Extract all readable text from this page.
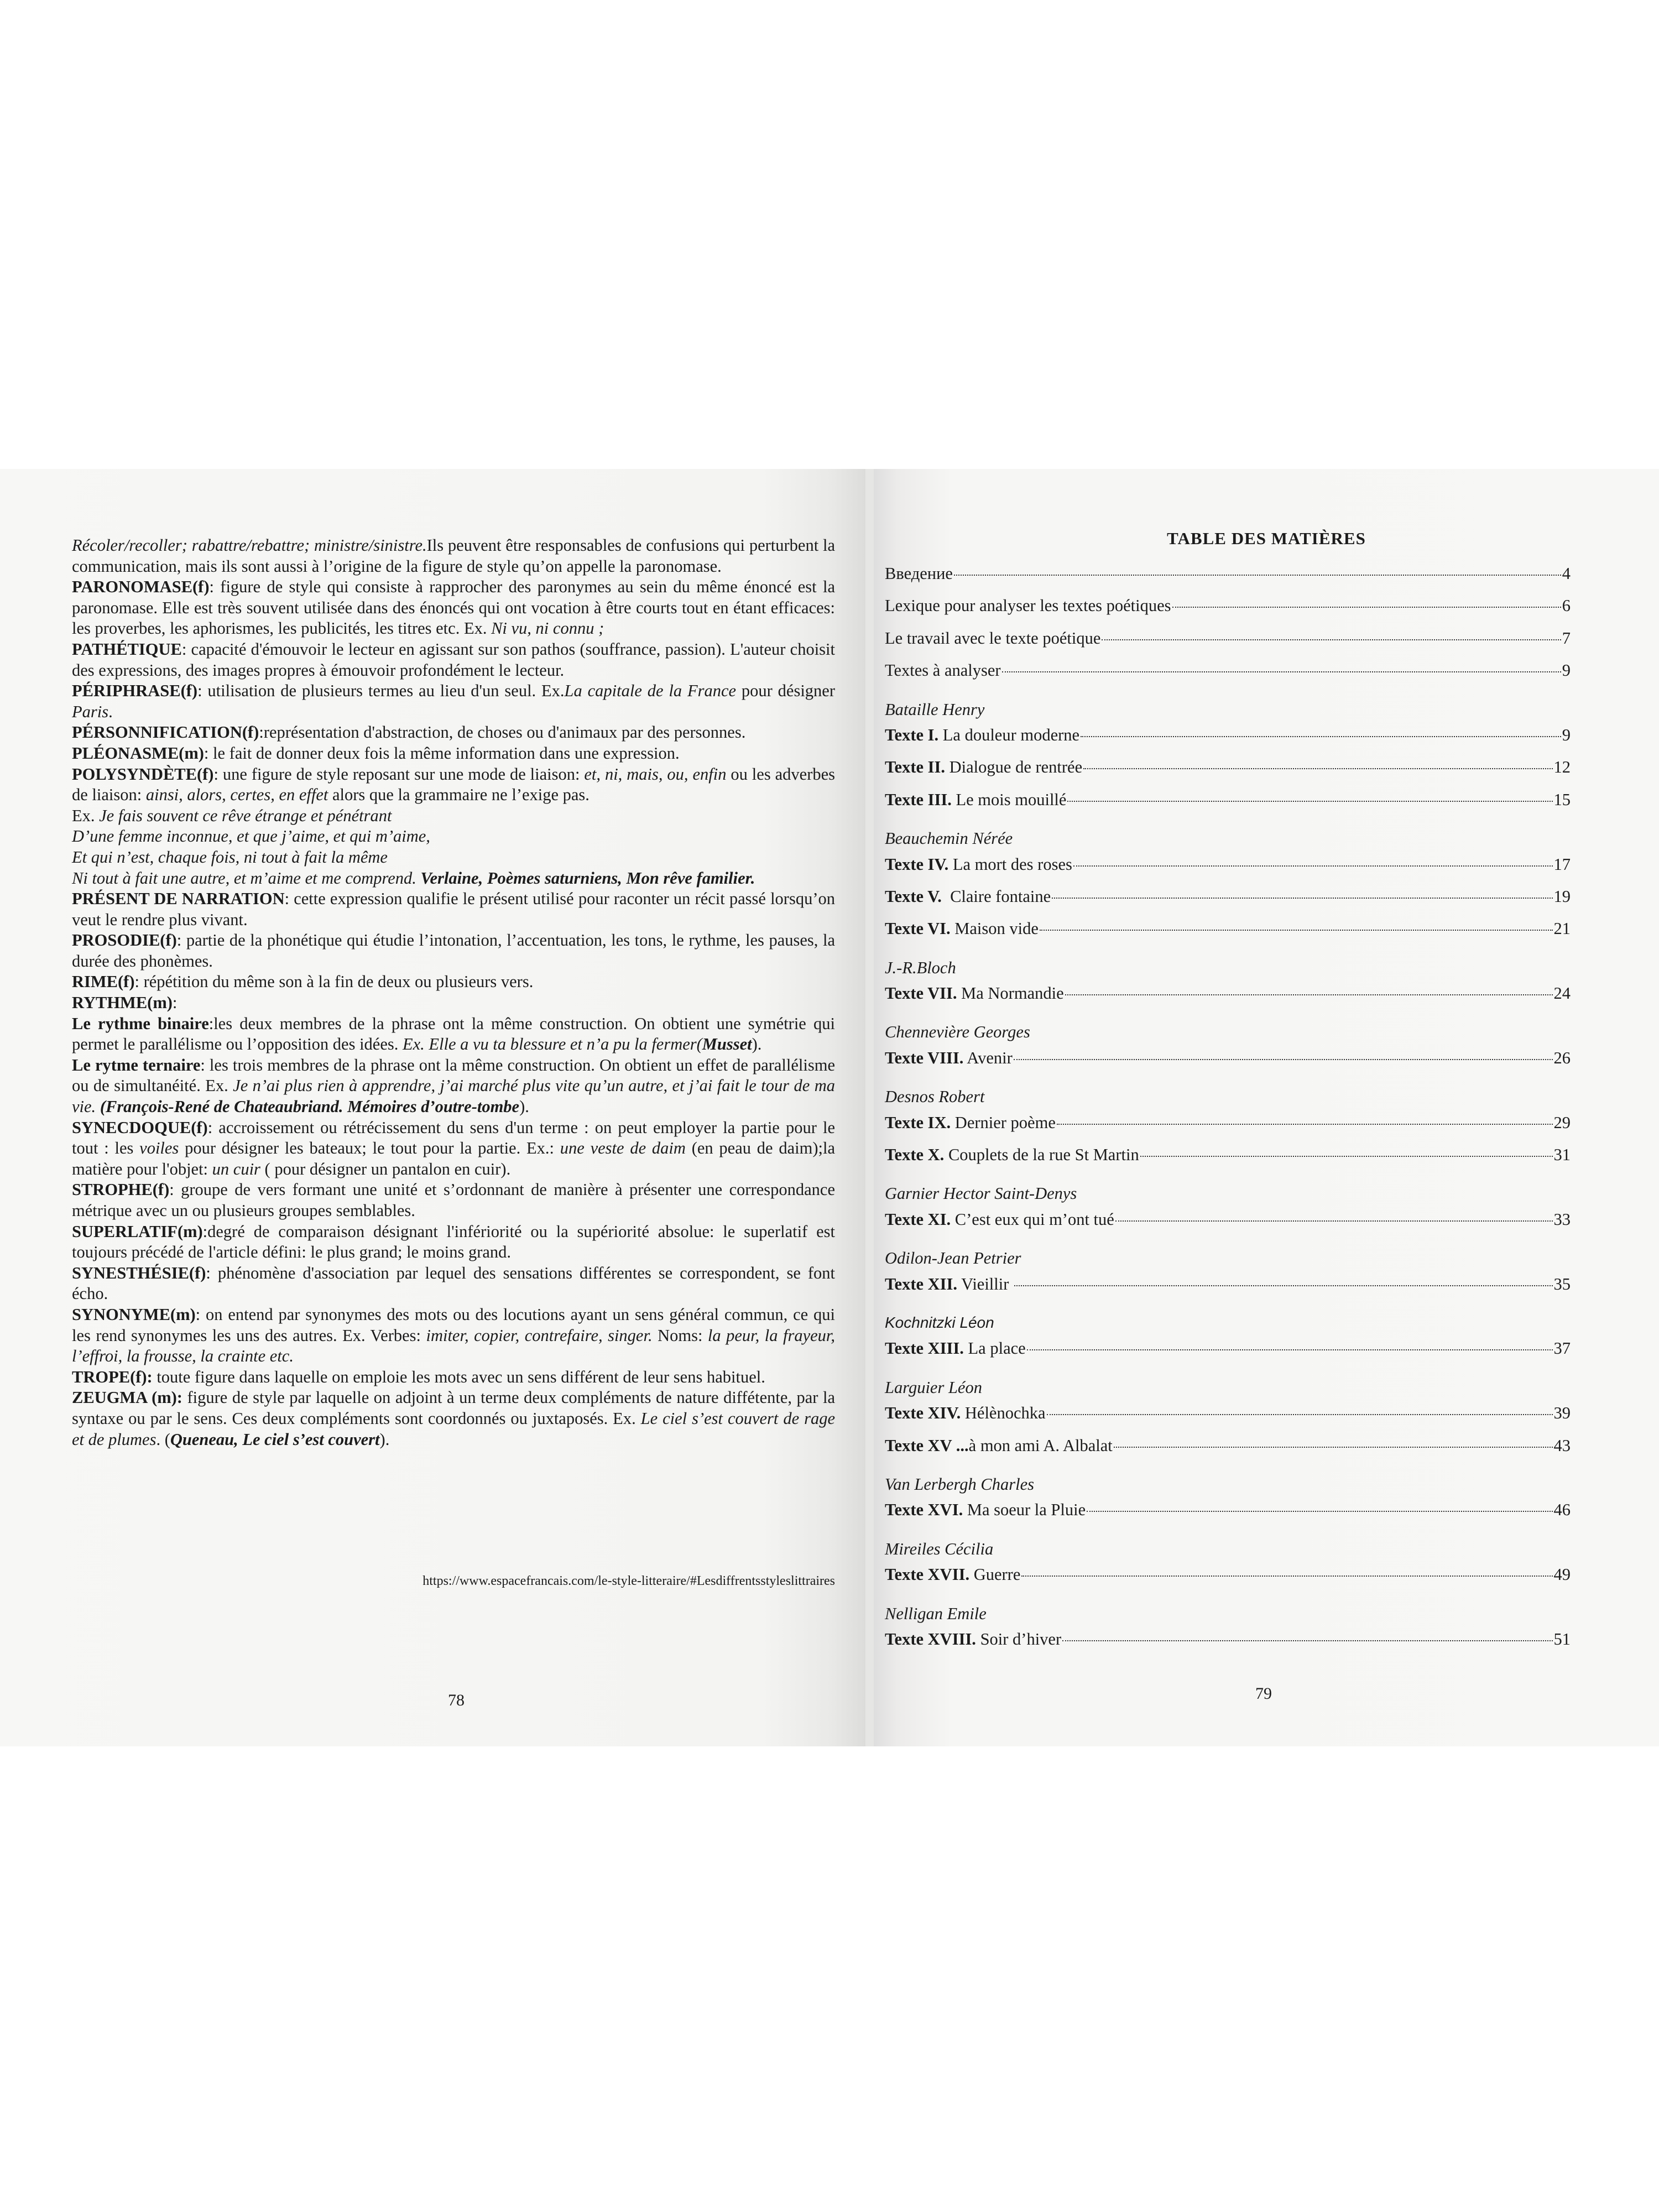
Récoler/recoller; rabattre/rebattre; ministre/sinistre.Ils peuvent être responsables de confusions qui perturbent la communication, mais ils sont aussi à l’origine de la figure de style qu’on appelle la paronomase.

PARONOMASE(f): figure de style qui consiste à rapprocher des paronymes au sein du même énoncé est la paronomase. Elle est très souvent utilisée dans des énoncés qui ont vocation à être courts tout en étant efficaces: les proverbes, les aphorismes, les publicités, les titres etc. Ex. Ni vu, ni connu ;

PATHÉTIQUE: capacité d'émouvoir le lecteur en agissant sur son pathos (souffrance, passion). L'auteur choisit des expressions, des images propres à émouvoir profondément le lecteur.

PÉRIPHRASE(f): utilisation de plusieurs termes au lieu d'un seul. Ex.La capitale de la France pour désigner Paris.

PÉRSONNIFICATION(f):représentation d'abstraction, de choses ou d'animaux par des personnes.

PLÉONASME(m): le fait de donner deux fois la même information dans une expression.

POLYSYNDÈTE(f): une figure de style reposant sur une mode de liaison: et, ni, mais, ou, enfin ou les adverbes de liaison: ainsi, alors, certes, en effet alors que la grammaire ne l’exige pas.

Ex. Je fais souvent ce rêve étrange et pénétrant

D’une femme inconnue, et que j’aime, et qui m’aime,

Et qui n’est, chaque fois, ni tout à fait la même

Ni tout à fait une autre, et m’aime et me comprend. Verlaine, Poèmes saturniens, Mon rêve familier.

PRÉSENT DE NARRATION: cette expression qualifie le présent utilisé pour raconter un récit passé lorsqu’on veut le rendre plus vivant.

PROSODIE(f): partie de la phonétique qui étudie l’intonation, l’accentuation, les tons, le rythme, les pauses, la durée des phonèmes.

RIME(f): répétition du même son à la fin de deux ou plusieurs vers.

RYTHME(m):

Le rythme binaire:les deux membres de la phrase ont la même construction. On obtient une symétrie qui permet le parallélisme ou l’opposition des idées. Ex. Elle a vu ta blessure et n’a pu la fermer(Musset).

Le rytme ternaire: les trois membres de la phrase ont la même construction. On obtient un effet de parallélisme ou de simultanéité. Ex. Je n’ai plus rien à apprendre, j’ai marché plus vite qu’un autre, et j’ai fait le tour de ma vie. (François-René de Chateaubriand. Mémoires d’outre-tombe).

SYNECDOQUE(f): accroissement ou rétrécissement du sens d'un terme : on peut employer la partie pour le tout : les voiles pour désigner les bateaux; le tout pour la partie. Ex.: une veste de daim (en peau de daim);la matière pour l'objet: un cuir ( pour désigner un pantalon en cuir).

STROPHE(f): groupe de vers formant une unité et s’ordonnant de manière à présenter une correspondance métrique avec un ou plusieurs groupes semblables.

SUPERLATIF(m):degré de comparaison désignant l'infériorité ou la supériorité absolue: le superlatif est toujours précédé de l'article défini: le plus grand; le moins grand.

SYNESTHÉSIE(f): phénomène d'association par lequel des sensations différentes se correspondent, se font écho.

SYNONYME(m): on entend par synonymes des mots ou des locutions ayant un sens général commun, ce qui les rend synonymes les uns des autres. Ex. Verbes: imiter, copier, contrefaire, singer. Noms: la peur, la frayeur, l’effroi, la frousse, la crainte etc.

TROPE(f): toute figure dans laquelle on emploie les mots avec un sens différent de leur sens habituel.

ZEUGMA (m): figure de style par laquelle on adjoint à un terme deux compléments de nature diffétente, par la syntaxe ou par le sens. Ces deux compléments sont coordonnés ou juxtaposés. Ex. Le ciel s’est couvert de rage et de plumes. (Queneau, Le ciel s’est couvert).

https://www.espacefrancais.com/le-style-litteraire/#Lesdiffrentsstyleslittraires
78
TABLE DES MATIÈRES
Введение	4
Lexique pour analyser les textes poétiques	6
Le travail avec le texte poétique	7
Textes à analyser	9
Bataille Henry
Texte I. La douleur moderne	9
Texte II. Dialogue de rentrée	12
Texte III. Le mois mouillé	15
Beauchemin Nérée
Texte IV. La mort des roses	17
Texte V.  Claire fontaine	19
Texte VI. Maison vide	21
J.-R.Bloch
Texte VII. Ma Normandie	24
Chennevière Georges
Texte VIII. Avenir	26
Desnos Robert
Texte IX. Dernier poème	29
Texte X. Couplets de la rue St Martin	31
Garnier Hector Saint-Denys
Texte XI. C’est eux qui m’ont tué	33
Odilon-Jean Petrier
Texte XII. Vieillir	35
Kochnitzki Léon
Texte XIII. La place	37
Larguier Léon
Texte XIV. Hélènochka	39
Texte XV ...à mon ami A. Albalat	43
Van Lerbergh Charles
Texte XVI. Ma soeur la Pluie	46
Mireiles Cécilia
Texte XVII. Guerre	49
Nelligan Emile
Texte XVIII. Soir d’hiver	51
79
